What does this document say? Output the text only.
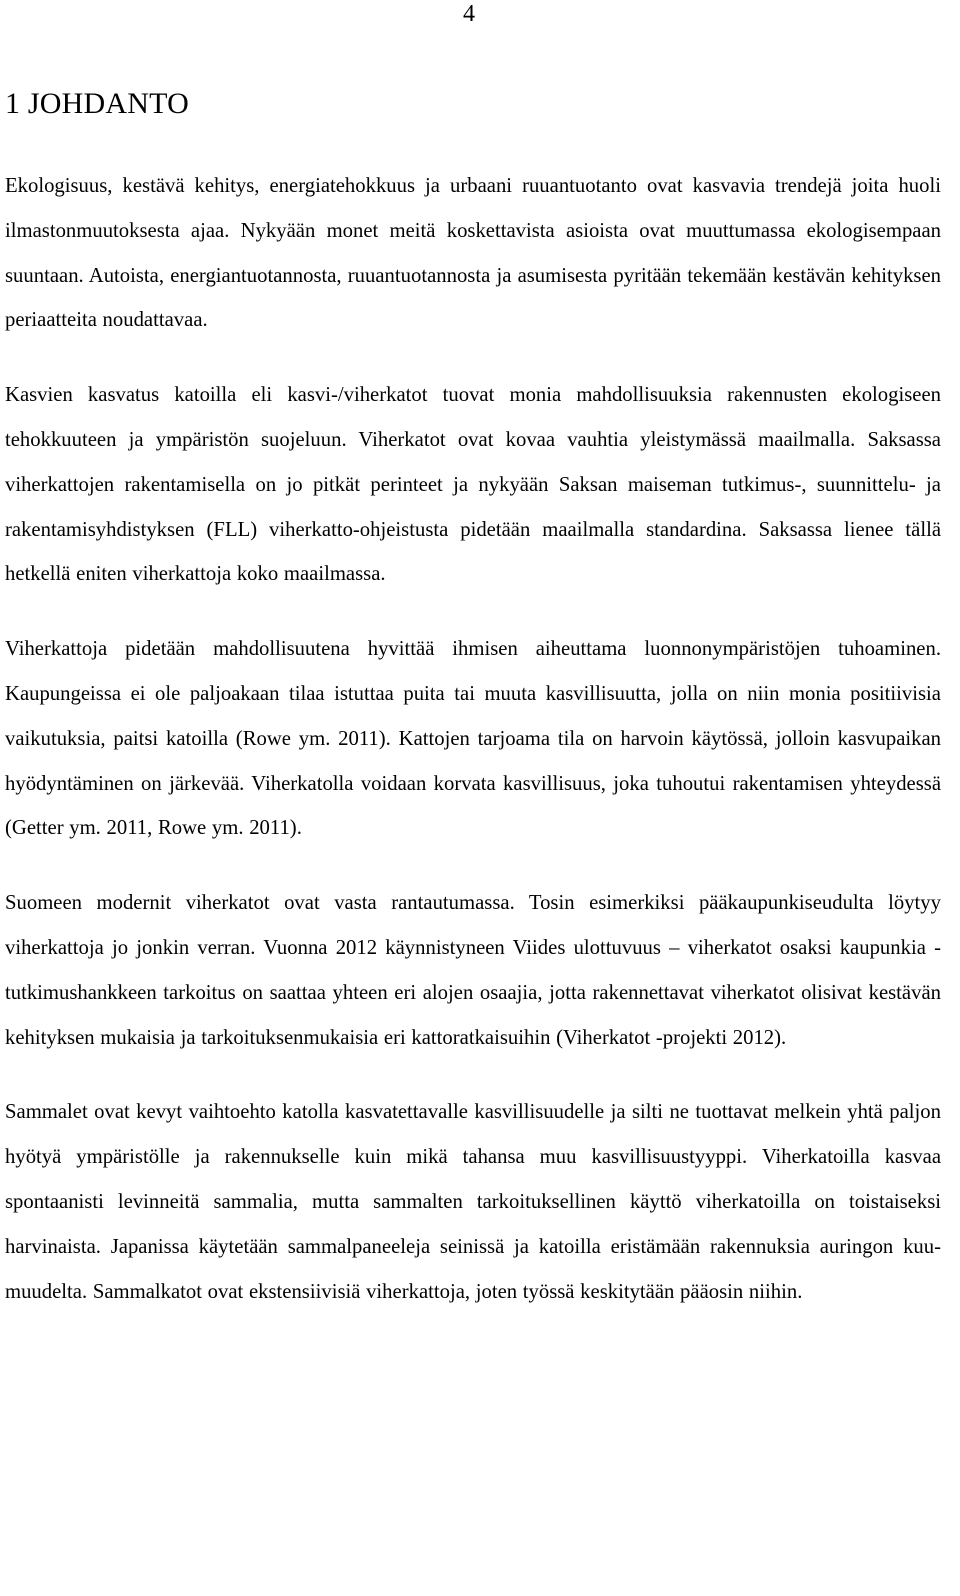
4
1 JOHDANTO

Ekologisuus, kestävä kehitys, energiatehokkuus ja urbaani ruuantuotanto ovat kasvavia trendejä joita huoli ilmastonmuutoksesta ajaa. Nykyään monet meitä koskettavista asioista ovat muuttumassa ekologisempaan suuntaan. Autoista, energiantuotannosta, ruuantuotannosta ja asumisesta pyritään tekemään kestävän kehityksen periaatteita noudattavaa.

Kasvien kasvatus katoilla eli kasvi-/viherkatot tuovat monia mahdollisuuksia rakennusten ekologiseen tehokkuuteen ja ympäristön suojeluun. Viherkatot ovat kovaa vauhtia yleistymässä maailmalla. Saksassa viherkattojen rakentamisella on jo pitkät perinteet ja nykyään Saksan maiseman tutkimus-, suunnittelu- ja rakentamisyhdistyksen (FLL) viherkatto-ohjeistusta pidetään maailmalla standardina. Saksassa lienee tällä hetkellä eniten viherkattoja koko maailmassa.

Viherkattoja pidetään mahdollisuutena hyvittää ihmisen aiheuttama luonnonympäristöjen tuhoaminen. Kaupungeissa ei ole paljoakaan tilaa istuttaa puita tai muuta kasvillisuutta, jolla on niin monia positiivisia vaikutuksia, paitsi katoilla (Rowe ym. 2011). Kattojen tarjoama tila on harvoin käytössä, jolloin kasvupaikan hyödyntäminen on järkevää. Viherkatolla voidaan korvata kasvillisuus, joka tuhoutui rakentamisen yhteydessä (Getter ym. 2011, Rowe ym. 2011).

Suomeen modernit viherkatot ovat vasta rantautumassa. Tosin esimerkiksi pääkaupunkiseudulta löytyy viherkattoja jo jonkin verran. Vuonna 2012 käynnistyneen Viides ulottuvuus – viherkatot osaksi kaupunkia -tutkimushankkeen tarkoitus on saattaa yhteen eri alojen osaajia, jotta rakennettavat viherkatot olisivat kestävän kehityksen mukaisia ja tarkoituksenmukaisia eri kattoratkaisuihin (Viherkatot -projekti 2012).

Sammalet ovat kevyt vaihtoehto katolla kasvatettavalle kasvillisuudelle ja silti ne tuottavat melkein yhtä paljon hyötyä ympäristölle ja rakennukselle kuin mikä tahansa muu kasvillisuustyyppi. Viherkatoilla kasvaa spontaanisti levinneitä sammalia, mutta sammalten tarkoituksellinen käyttö viherkatoilla on toistaiseksi harvinaista. Japanissa käytetään sammalpaneeleja seinissä ja katoilla eristämään rakennuksia auringon kuumuudelta. Sammalkatot ovat ekstensiivisiä viherkattoja, joten työssä keskitytään pääosin niihin.
